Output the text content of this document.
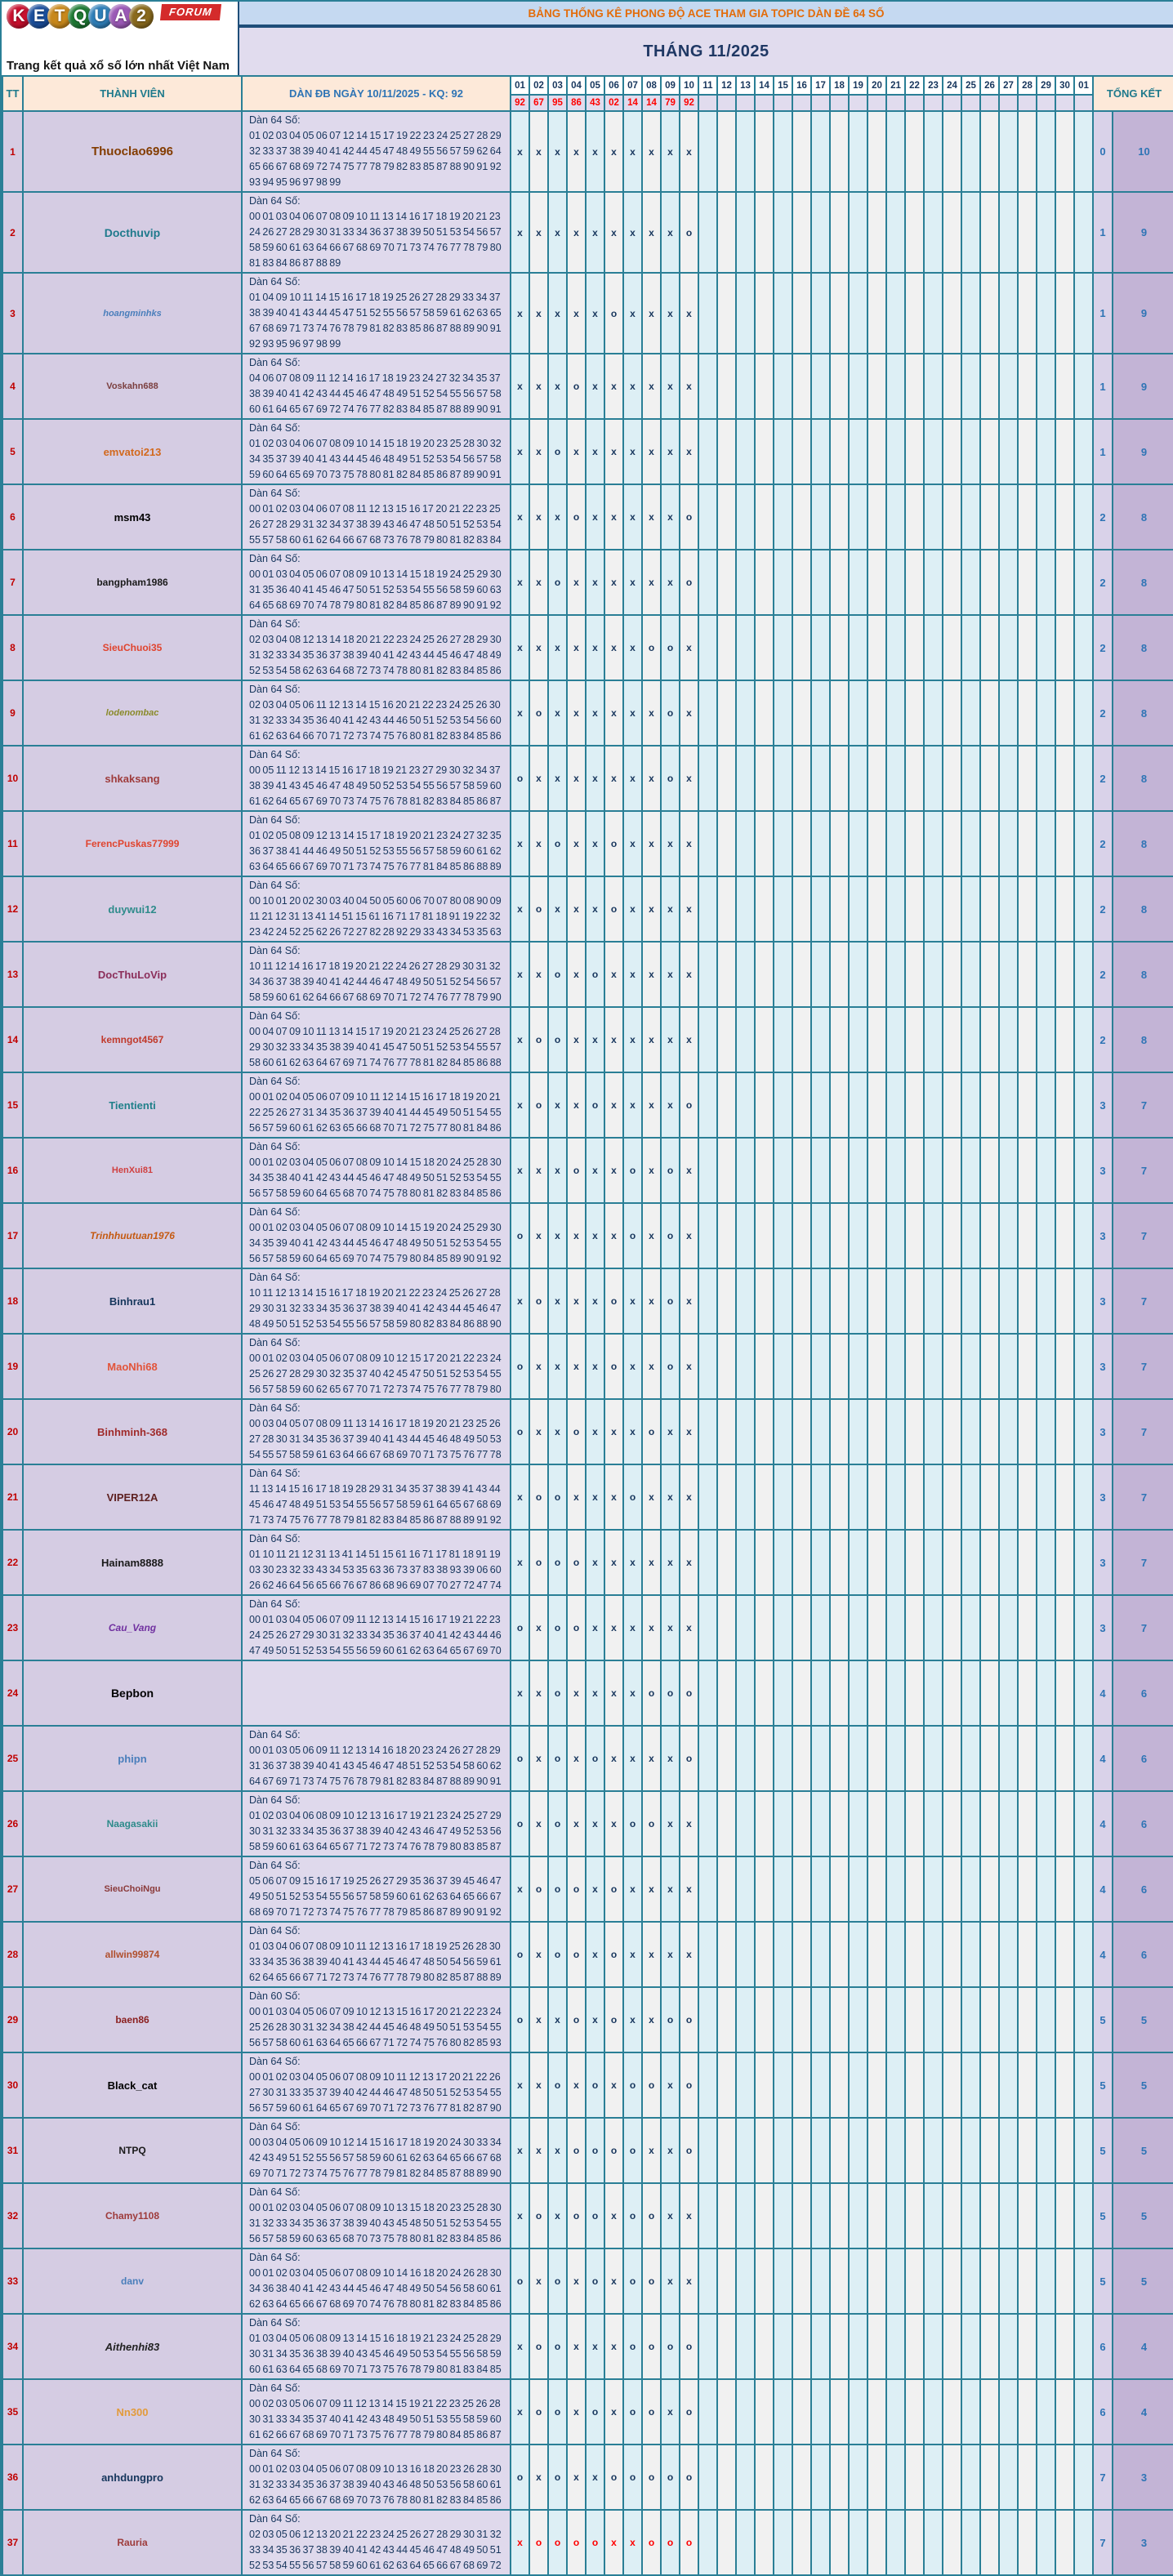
K E T Q U A 2	FORUM
Trang kết quả xổ số lớn nhất Việt Nam
BẢNG THỐNG KÊ PHONG ĐỘ ACE THAM GIA TOPIC DÀN ĐỀ 64 SỐ
THÁNG 11/2025
TT	THÀNH VIÊN	DÀN ĐB NGÀY 10/11/2025 - KQ: 92	01	02	03	04	05	06	07	08	09	10	11	12	13	14	15	16	17	18	19	20	21	22	23	24	25	26	27	28	29	30	01	TỔNG KẾT	
			92	67	95	86	43	02	14	14	79	92																							
1	Thuoclao6996	Dàn 64 Số:
01 02 03 04 05 06 07 12 14 15 17 19 22 23 24 25 27 28 29
32 33 37 38 39 40 41 42 44 45 47 48 49 55 56 57 59 62 64
65 66 67 68 69 72 74 75 77 78 79 82 83 85 87 88 90 91 92
93 94 95 96 97 98 99	x	x	x	x	x	x	x	x	x	x																						0	10
2	Docthuvip	Dàn 64 Số:
00 01 03 04 06 07 08 09 10 11 13 14 16 17 18 19 20 21 23
24 26 27 28 29 30 31 33 34 36 37 38 39 50 51 53 54 56 57
58 59 60 61 63 64 66 67 68 69 70 71 73 74 76 77 78 79 80
81 83 84 86 87 88 89	x	x	x	x	x	x	x	x	x	o																						1	9
3	hoangminhks	Dàn 64 Số:
01 04 09 10 11 14 15 16 17 18 19 25 26 27 28 29 33 34 37
38 39 40 41 43 44 45 47 51 52 55 56 57 58 59 61 62 63 65
67 68 69 71 73 74 76 78 79 81 82 83 85 86 87 88 89 90 91
92 93 95 96 97 98 99	x	x	x	x	x	o	x	x	x	x																						1	9
4	Voskahn688	Dàn 64 Số:
04 06 07 08 09 11 12 14 16 17 18 19 23 24 27 32 34 35 37
38 39 40 41 42 43 44 45 46 47 48 49 51 52 54 55 56 57 58
60 61 64 65 67 69 72 74 76 77 82 83 84 85 87 88 89 90 91	x	x	x	o	x	x	x	x	x	x																						1	9
5	emvatoi213	Dàn 64 Số:
01 02 03 04 06 07 08 09 10 14 15 18 19 20 23 25 28 30 32
34 35 37 39 40 41 43 44 45 46 48 49 51 52 53 54 56 57 58
59 60 64 65 69 70 73 75 78 80 81 82 84 85 86 87 89 90 91	x	x	o	x	x	x	x	x	x	x																						1	9
6	msm43	Dàn 64 Số:
00 01 02 03 04 06 07 08 11 12 13 15 16 17 20 21 22 23 25
26 27 28 29 31 32 34 37 38 39 43 46 47 48 50 51 52 53 54
55 57 58 60 61 62 64 66 67 68 73 76 78 79 80 81 82 83 84	x	x	x	o	x	x	x	x	x	o																						2	8
7	bangpham1986	Dàn 64 Số:
00 01 03 04 05 06 07 08 09 10 13 14 15 18 19 24 25 29 30
31 35 36 40 41 45 46 47 50 51 52 53 54 55 56 58 59 60 63
64 65 68 69 70 74 78 79 80 81 82 84 85 86 87 89 90 91 92	x	x	o	x	x	x	x	x	x	o																						2	8
8	SieuChuoi35	Dàn 64 Số:
02 03 04 08 12 13 14 18 20 21 22 23 24 25 26 27 28 29 30
31 32 33 34 35 36 37 38 39 40 41 42 43 44 45 46 47 48 49
52 53 54 58 62 63 64 68 72 73 74 78 80 81 82 83 84 85 86	x	x	x	x	x	x	x	o	o	x																						2	8
9	lodenombac	Dàn 64 Số:
02 03 04 05 06 11 12 13 14 15 16 20 21 22 23 24 25 26 30
31 32 33 34 35 36 40 41 42 43 44 46 50 51 52 53 54 56 60
61 62 63 64 66 70 71 72 73 74 75 76 80 81 82 83 84 85 86	x	o	x	x	x	x	x	x	o	x																						2	8
10	shkaksang	Dàn 64 Số:
00 05 11 12 13 14 15 16 17 18 19 21 23 27 29 30 32 34 37
38 39 41 43 45 46 47 48 49 50 52 53 54 55 56 57 58 59 60
61 62 64 65 67 69 70 73 74 75 76 78 81 82 83 84 85 86 87	o	x	x	x	x	x	x	x	o	x																						2	8
11	FerencPuskas77999	Dàn 64 Số:
01 02 05 08 09 12 13 14 15 17 18 19 20 21 23 24 27 32 35
36 37 38 41 44 46 49 50 51 52 53 55 56 57 58 59 60 61 62
63 64 65 66 67 69 70 71 73 74 75 76 77 81 84 85 86 88 89	x	x	o	x	x	o	x	x	x	x																						2	8
12	duywui12	Dàn 64 Số:
00 10 01 20 02 30 03 40 04 50 05 60 06 70 07 80 08 90 09
11 21 12 31 13 41 14 51 15 61 16 71 17 81 18 91 19 22 32
23 42 24 52 25 62 26 72 27 82 28 92 29 33 43 34 53 35 63	x	o	x	x	x	o	x	x	x	x																						2	8
13	DocThuLoVip	Dàn 64 Số:
10 11 12 14 16 17 18 19 20 21 22 24 26 27 28 29 30 31 32
34 36 37 38 39 40 41 42 44 46 47 48 49 50 51 52 54 56 57
58 59 60 61 62 64 66 67 68 69 70 71 72 74 76 77 78 79 90	x	x	o	x	o	x	x	x	x	x																						2	8
14	kemngot4567	Dàn 64 Số:
00 04 07 09 10 11 13 14 15 17 19 20 21 23 24 25 26 27 28
29 30 32 33 34 35 38 39 40 41 45 47 50 51 52 53 54 55 57
58 60 61 62 63 64 67 69 71 74 76 77 78 81 82 84 85 86 88	x	o	o	x	x	x	x	x	x	x																						2	8
15	Tientienti	Dàn 64 Số:
00 01 02 04 05 06 07 09 10 11 12 14 15 16 17 18 19 20 21
22 25 26 27 31 34 35 36 37 39 40 41 44 45 49 50 51 54 55
56 57 59 60 61 62 63 65 66 68 70 71 72 75 77 80 81 84 86	x	o	x	x	o	x	x	x	x	o																						3	7
16	HenXui81	Dàn 64 Số:
00 01 02 03 04 05 06 07 08 09 10 14 15 18 20 24 25 28 30
34 35 38 40 41 42 43 44 45 46 47 48 49 50 51 52 53 54 55
56 57 58 59 60 64 65 68 70 74 75 78 80 81 82 83 84 85 86	x	x	x	o	x	x	o	x	o	x																						3	7
17	Trinhhuutuan1976	Dàn 64 Số:
00 01 02 03 04 05 06 07 08 09 10 14 15 19 20 24 25 29 30
34 35 39 40 41 42 43 44 45 46 47 48 49 50 51 52 53 54 55
56 57 58 59 60 64 65 69 70 74 75 79 80 84 85 89 90 91 92	o	x	x	x	x	x	o	x	o	x																						3	7
18	Binhrau1	Dàn 64 Số:
10 11 12 13 14 15 16 17 18 19 20 21 22 23 24 25 26 27 28
29 30 31 32 33 34 35 36 37 38 39 40 41 42 43 44 45 46 47
48 49 50 51 52 53 54 55 56 57 58 59 80 82 83 84 86 88 90	x	o	x	x	x	o	x	x	o	x																						3	7
19	MaoNhi68	Dàn 64 Số:
00 01 02 03 04 05 06 07 08 09 10 12 15 17 20 21 22 23 24
25 26 27 28 29 30 32 35 37 40 42 45 47 50 51 52 53 54 55
56 57 58 59 60 62 65 67 70 71 72 73 74 75 76 77 78 79 80	o	x	x	x	x	o	x	x	o	x																						3	7
20	Binhminh-368	Dàn 64 Số:
00 03 04 05 07 08 09 11 13 14 16 17 18 19 20 21 23 25 26
27 28 30 31 34 35 36 37 39 40 41 43 44 45 46 48 49 50 53
54 55 57 58 59 61 63 64 66 67 68 69 70 71 73 75 76 77 78	o	x	x	o	x	x	x	o	x	x																						3	7
21	VIPER12A	Dàn 64 Số:
11 13 14 15 16 17 18 19 28 29 31 34 35 37 38 39 41 43 44
45 46 47 48 49 51 53 54 55 56 57 58 59 61 64 65 67 68 69
71 73 74 75 76 77 78 79 81 82 83 84 85 86 87 88 89 91 92	x	o	o	x	x	x	o	x	x	x																						3	7
22	Hainam8888	Dàn 64 Số:
01 10 11 21 12 31 13 41 14 51 15 61 16 71 17 81 18 91 19
03 30 23 32 33 43 34 53 35 63 36 73 37 83 38 93 39 06 60
26 62 46 64 56 65 66 76 67 86 68 96 69 07 70 27 72 47 74	x	o	o	o	x	x	x	x	x	x																						3	7
23	Cau_Vang	Dàn 64 Số:
00 01 03 04 05 06 07 09 11 12 13 14 15 16 17 19 21 22 23
24 25 26 27 29 30 31 32 33 34 35 36 37 40 41 42 43 44 46
47 49 50 51 52 53 54 55 56 59 60 61 62 63 64 65 67 69 70	o	x	o	o	x	x	x	x	x	x																						3	7
24	Bepbon		x	x	o	x	x	x	x	o	o	o																						4	6
25	phipn	Dàn 64 Số:
00 01 03 05 06 09 11 12 13 14 16 18 20 23 24 26 27 28 29
31 36 37 38 39 40 41 43 45 46 47 48 51 52 53 54 58 60 62
64 67 69 71 73 74 75 76 78 79 81 82 83 84 87 88 89 90 91	o	x	o	x	o	x	x	x	x	o																						4	6
26	Naagasakii	Dàn 64 Số:
01 02 03 04 06 08 09 10 12 13 16 17 19 21 23 24 25 27 29
30 31 32 33 34 35 36 37 38 39 40 42 43 46 47 49 52 53 56
58 59 60 61 63 64 65 67 71 72 73 74 76 78 79 80 83 85 87	o	x	o	x	x	x	o	o	x	x																						4	6
27	SieuChoiNgu	Dàn 64 Số:
05 06 07 09 15 16 17 19 25 26 27 29 35 36 37 39 45 46 47
49 50 51 52 53 54 55 56 57 58 59 60 61 62 63 64 65 66 67
68 69 70 71 72 73 74 75 76 77 78 79 85 86 87 89 90 91 92	x	o	o	o	x	o	x	x	x	x																						4	6
28	allwin99874	Dàn 64 Số:
01 03 04 06 07 08 09 10 11 12 13 16 17 18 19 25 26 28 30
33 34 35 36 38 39 40 41 43 44 45 46 47 48 50 54 56 59 61
62 64 65 66 67 71 72 73 74 76 77 78 79 80 82 85 87 88 89	o	x	o	o	x	o	x	x	x	x																						4	6
29	baen86	Dàn 60 Số:
00 01 03 04 05 06 07 09 10 12 13 15 16 17 20 21 22 23 24
25 26 28 30 31 32 34 38 42 44 45 46 48 49 50 51 53 54 55
56 57 58 60 61 63 64 65 66 67 71 72 74 75 76 80 82 85 93	o	x	x	o	x	o	x	x	o	o																						5	5
30	Black_cat	Dàn 64 Số:
00 01 02 03 04 05 06 07 08 09 10 11 12 13 17 20 21 22 26
27 30 31 33 35 37 39 40 42 44 46 47 48 50 51 52 53 54 55
56 57 59 60 61 64 65 67 69 70 71 72 73 76 77 81 82 87 90	x	x	o	x	o	x	o	o	x	o																						5	5
31	NTPQ	Dàn 64 Số:
00 03 04 05 06 09 10 12 14 15 16 17 18 19 20 24 30 33 34
42 43 49 51 52 55 56 57 58 59 60 61 62 63 64 65 66 67 68
69 70 71 72 73 74 75 76 77 78 79 81 82 84 85 87 88 89 90	x	x	x	o	o	o	o	x	x	o																						5	5
32	Chamy1108	Dàn 64 Số:
00 01 02 03 04 05 06 07 08 09 10 13 15 18 20 23 25 28 30
31 32 33 34 35 36 37 38 39 40 43 45 48 50 51 52 53 54 55
56 57 58 59 60 63 65 68 70 73 75 78 80 81 82 83 84 85 86	x	o	x	o	o	x	o	o	x	x																						5	5
33	danv	Dàn 64 Số:
00 01 02 03 04 05 06 07 08 09 10 14 16 18 20 24 26 28 30
34 36 38 40 41 42 43 44 45 46 47 48 49 50 54 56 58 60 61
62 63 64 65 66 67 68 69 70 74 76 78 80 81 82 83 84 85 86	o	x	o	x	o	x	o	o	x	x																						5	5
34	Aithenhi83	Dàn 64 Số:
01 03 04 05 06 08 09 13 14 15 16 18 19 21 23 24 25 28 29
30 31 34 35 36 38 39 40 43 45 46 49 50 53 54 55 56 58 59
60 61 63 64 65 68 69 70 71 73 75 76 78 79 80 81 83 84 85	x	o	o	x	x	x	o	o	o	o																						6	4
35	Nn300	Dàn 64 Số:
00 02 03 05 06 07 09 11 12 13 14 15 19 21 22 23 25 26 28
30 31 33 34 35 37 40 41 42 43 48 49 50 51 53 55 58 59 60
61 62 66 67 68 69 70 71 73 75 76 77 78 79 80 84 85 86 87	x	o	o	x	o	x	o	o	x	o																						6	4
36	anhdungpro	Dàn 64 Số:
00 01 02 03 04 05 06 07 08 09 10 13 16 18 20 23 26 28 30
31 32 33 34 35 36 37 38 39 40 43 46 48 50 53 56 58 60 61
62 63 64 65 66 67 68 69 70 73 76 78 80 81 82 83 84 85 86	o	x	o	x	x	o	o	o	o	o																						7	3
37	Rauria	Dàn 64 Số:
02 03 05 06 12 13 20 21 22 23 24 25 26 27 28 29 30 31 32
33 34 35 36 37 38 39 40 41 42 43 44 45 46 47 48 49 50 51
52 53 54 55 56 57 58 59 60 61 62 63 64 65 66 67 68 69 72	x	o	o	o	o	x	x	o	o	o																						7	3
